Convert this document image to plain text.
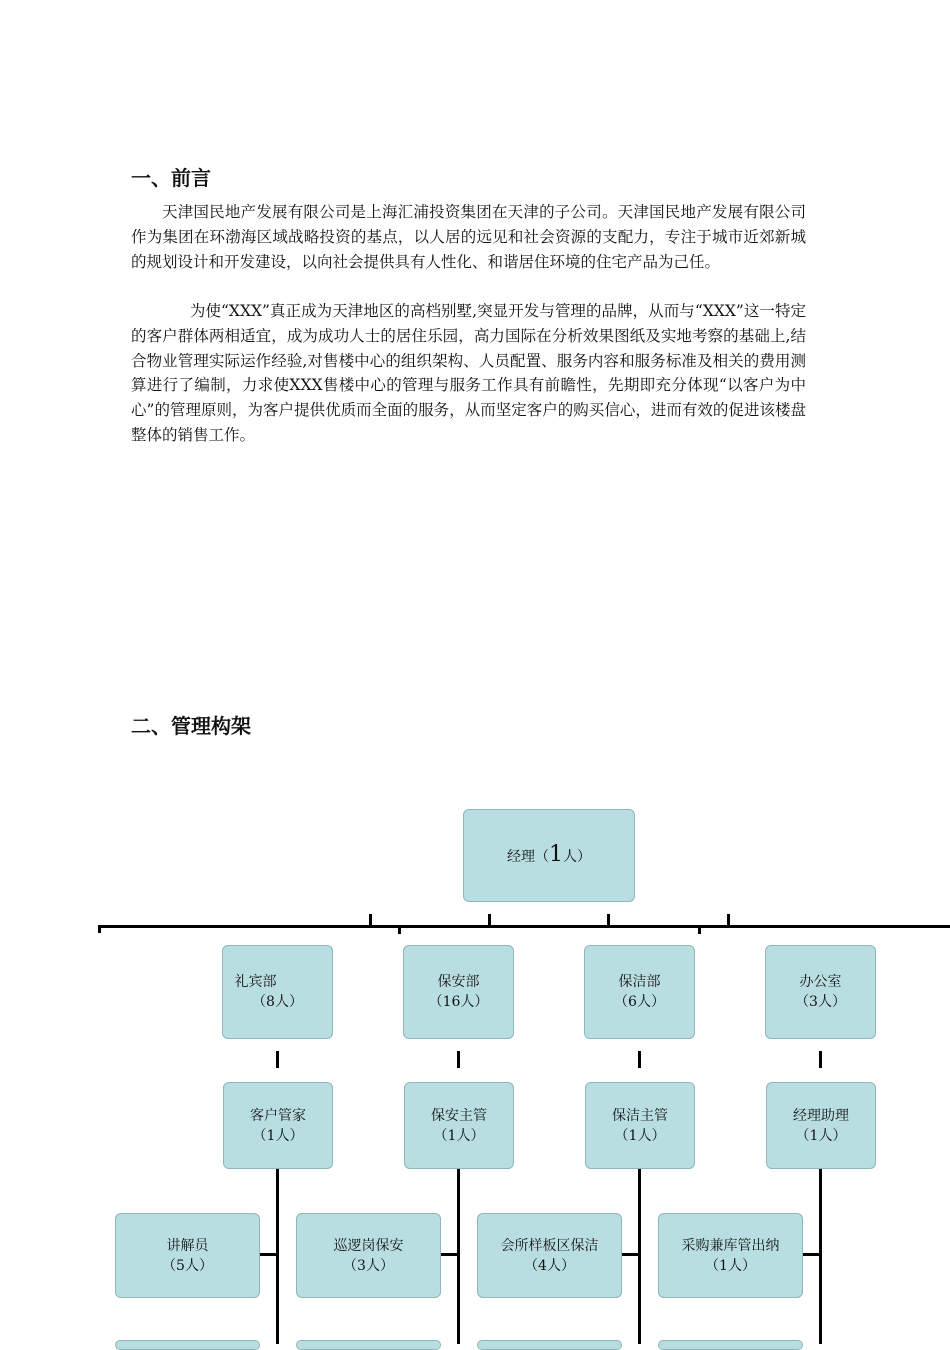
一、前言

天津国民地产发展有限公司是上海汇浦投资集团在天津的子公司。天津国民地产发展有限公司作为集团在环渤海区域战略投资的基点，以人居的远见和社会资源的支配力，专注于城市近郊新城的规划设计和开发建设，以向社会提供具有人性化、和谐居住环境的住宅产品为己任。

为使“XXX”真正成为天津地区的高档别墅,突显开发与管理的品牌，从而与“XXX”这一特定的客户群体两相适宜，成为成功人士的居住乐园，高力国际在分析效果图纸及实地考察的基础上,结合物业管理实际运作经验,对售楼中心的组织架构、人员配置、服务内容和服务标准及相关的费用测算进行了编制，力求使XXX售楼中心的管理与服务工作具有前瞻性，先期即充分体现“以客户为中心”的管理原则，为客户提供优质而全面的服务，从而坚定客户的购买信心，进而有效的促进该楼盘整体的销售工作。

二、管理构架
经理（1人）
礼宾部
（8人）
保安部
（16人）
保洁部
（6人）
办公室
（3人）
客户管家
（1人）
保安主管
（1人）
保洁主管
（1人）
经理助理
（1人）
讲解员
（5人）
巡逻岗保安
（3人）
会所样板区保洁
（4人）
采购兼库管出纳
（1人）
